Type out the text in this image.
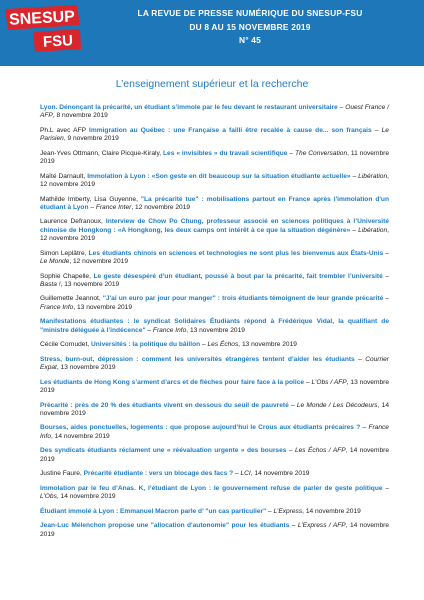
SNESUP
FSU
LA REVUE DE PRESSE NUMÉRIQUE DU SNESUP-FSU
DU 8 AU 15 NOVEMBRE 2019
N° 45
L’enseignement supérieur et la recherche
Lyon. Dénonçant la précarité, un étudiant s’immole par le feu devant le restaurant universitaire – Ouest France / AFP, 8 novembre 2019
Ph.L avec AFP Immigration au Québec : une Française a failli être recalée à cause de... son français – Le Parisien, 9 novembre 2019
Jean-Yves Ottmann, Claire Picque-Kiraly, Les « invisibles » du travail scientifique – The Conversation, 11 novembre 2019
Maïté Darnault, Immolation à Lyon : «Son geste en dit beaucoup sur la situation étudiante actuelle» – Libération, 12 novembre 2019
Mathilde Imberty, Lisa Guyenne, "La précarité tue" : mobilisations partout en France après l'immolation d'un étudiant à Lyon – France Inter, 12 novembre 2019
Laurence Defranoux, Interview de Chow Po Chung, professeur associé en sciences politiques à l’Université chinoise de Hongkong : «A Hongkong, les deux camps ont intérêt à ce que la situation dégénère» – Libération, 12 novembre 2019
Simon Leplâtre, Les étudiants chinois en sciences et technologies ne sont plus les bienvenus aux États-Unis – Le Monde, 12 novembre 2019
Sophie Chapelle, Le geste désespéré d’un étudiant, poussé à bout par la précarité, fait trembler l’université – Basta !, 13 novembre 2019
Guillemette Jeannot, "J'ai un euro par jour pour manger" : trois étudiants témoignent de leur grande précarité – France Info, 13 novembre 2019
Manifestations étudiantes : le syndicat Solidaires Étudiants répond à Frédérique Vidal, la qualifiant de "ministre déléguée à l’indécence" – France Info, 13 novembre 2019
Cécile Cornudet, Universités : la politique du bâillon – Les Échos, 13 novembre 2019
Stress, burn-out, dépression : comment les universités étrangères tentent d’aider les étudiants – Courrier Expat, 13 novembre 2019
Les étudiants de Hong Kong s’arment d’arcs et de flèches pour faire face à la police – L’Obs / AFP, 13 novembre 2019
Précarité : près de 20 % des étudiants vivent en dessous du seuil de pauvreté – Le Monde / Les Décodeurs, 14 novembre 2019
Bourses, aides ponctuelles, logements : que propose aujourd’hui le Crous aux étudiants précaires ? – France Info, 14 novembre 2019
Des syndicats étudiants réclament une « réévaluation urgente » des bourses – Les Échos / AFP, 14 novembre 2019
Justine Faure, Précarité étudiante : vers un blocage des facs ? – LCI, 14 novembre 2019
Immolation par le feu d’Anas. K, l’étudiant de Lyon : le gouvernement refuse de parler de geste politique – L’Obs, 14 novembre 2019
Étudiant immolé à Lyon : Emmanuel Macron parle d’ "un cas particulier" – L’Express, 14 novembre 2019
Jean-Luc Mélenchon propose une "allocation d'autonomie" pour les étudiants – L’Express / AFP, 14 novembre 2019
